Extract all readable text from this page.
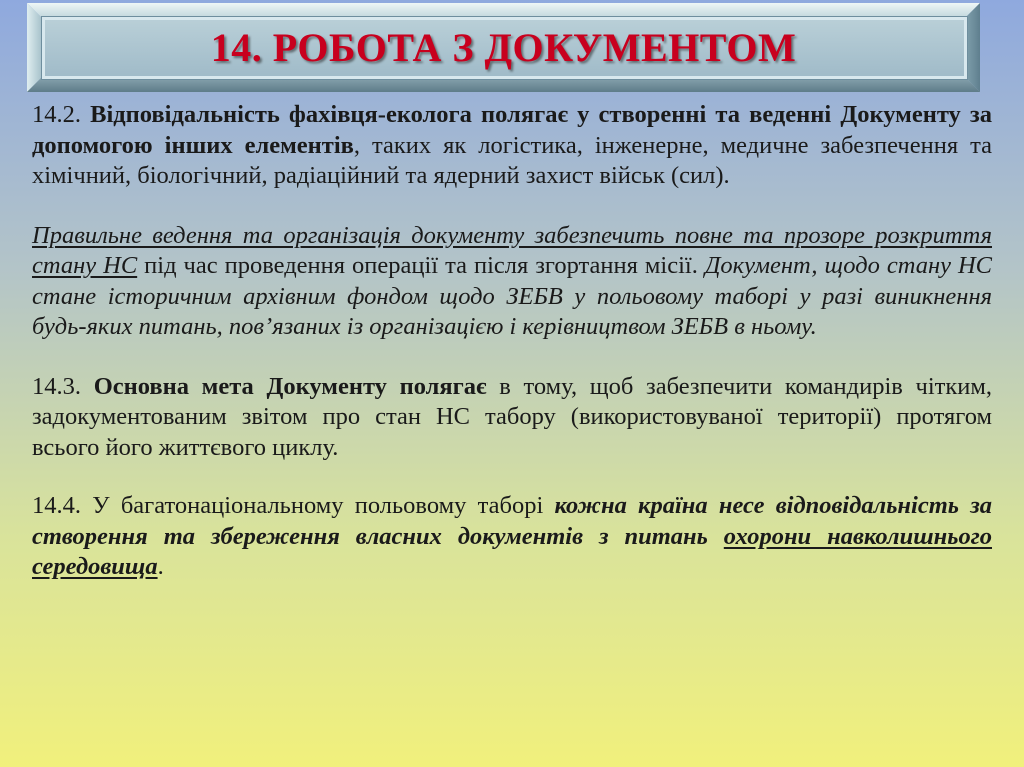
14. РОБОТА З ДОКУМЕНТОМ

14.2. Відповідальність фахівця-еколога полягає у створенні та веденні Документу за допомогою інших елементів, таких як логістика, інженерне, медичне забезпечення та хімічний, біологічний, радіаційний та ядерний захист військ (сил).

Правильне ведення та організація документу забезпечить повне та прозоре розкриття стану НС під час проведення операції та після згортання місії. Документ, щодо стану НС стане історичним архівним фондом щодо ЗЕБВ у польовому таборі у разі виникнення будь-яких питань, пов’язаних із організацією і керівництвом ЗЕБВ в ньому.

14.3. Основна мета Документу полягає в тому, щоб забезпечити командирів чітким, задокументованим звітом про стан НС табору (використовуваної території) протягом всього його життєвого циклу.

14.4. У багатонаціональному польовому таборі кожна країна несе відповідальність за створення та збереження власних документів з питань охорони навколишнього середовища.
